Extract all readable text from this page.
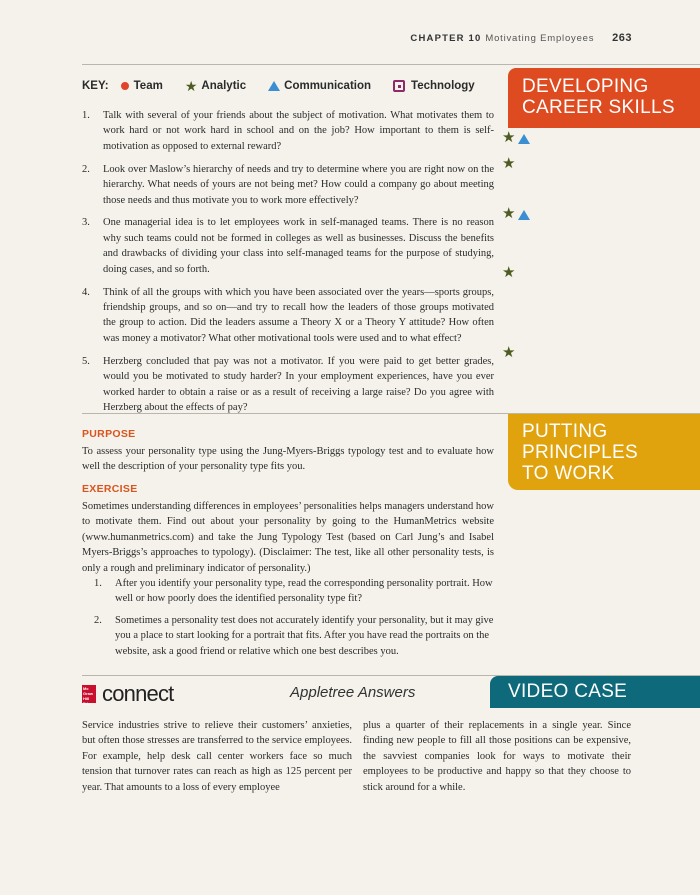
CHAPTER 10 Motivating Employees 263
KEY: Team ★ Analytic	Communication	Technology DEVELOPING
CAREER SKILLS
1. Talk with several of your friends about the subject of motivation. What motivates them to work hard or not work hard in school and on the job? How important to them is self-motivation as opposed to external reward?
2. Look over Maslow’s hierarchy of needs and try to determine where you are right now on the hierarchy. What needs of yours are not being met? How could a company go about meeting those needs and thus motivate you to work more effectively?
3. One managerial idea is to let employees work in self-managed teams. There is no reason why such teams could not be formed in colleges as well as businesses. Discuss the benefits and drawbacks of dividing your class into self-managed teams for the purpose of studying, doing cases, and so forth.
4. Think of all the groups with which you have been associated over the years—sports groups, friendship groups, and so on—and try to recall how the leaders of those groups motivated the group to action. Did the leaders assume a Theory X or a Theory Y attitude? How often was money a motivator? What other motivational tools were used and to what effect?
5. Herzberg concluded that pay was not a motivator. If you were paid to get better grades, would you be motivated to study harder? In your employment experiences, have you ever worked harder to obtain a raise or as a result of receiving a large raise? Do you agree with Herzberg about the effects of pay?
★
★
★
★
★
PUTTING
PRINCIPLES
TO WORK
PURPOSE

To assess your personality type using the Jung-Myers-Briggs typology test and to evaluate how well the description of your personality type fits you.

EXERCISE

Sometimes understanding differences in employees’ personalities helps managers understand how to motivate them. Find out about your personality by going to the HumanMetrics website (www.humanmetrics.com) and take the Jung Typology Test (based on Carl Jung’s and Isabel Myers-Briggs’s approaches to typology). (Disclaimer: The test, like all other personality tests, is only a rough and preliminary indicator of personality.)

1. After you identify your personality type, read the corresponding personality portrait. How well or how poorly does the identified personality type fit?
2. Sometimes a personality test does not accurately identify your personality, but it may give you a place to start looking for a portrait that fits. After you have read the portraits on the website, ask a good friend or relative which one best describes you.
Mc Graw Hill Edu connect	Appletree Answers	VIDEO CASE

Service industries strive to relieve their customers’ anxieties, but often those stresses are transferred to the service employees. For example, help desk call center workers face so much tension that turnover rates can reach as high as 125 percent per year. That amounts to a loss of every employee

plus a quarter of their replacements in a single year. Since finding new people to fill all those positions can be expensive, the savviest companies look for ways to motivate their employees to be productive and happy so that they choose to stick around for a while.
